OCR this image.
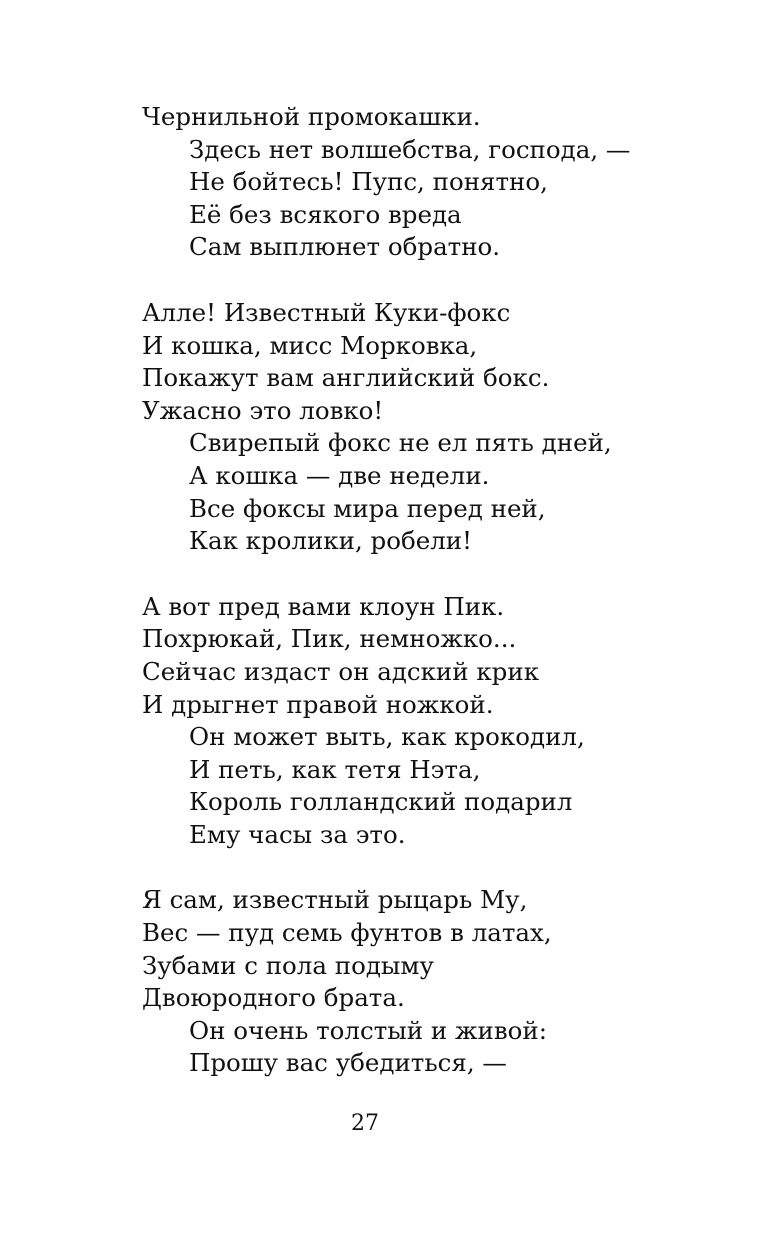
Чернильной промокашки.
Здесь нет волшебства, господа, —
Не бойтесь! Пупс, понятно,
Её без всякого вреда
Сам выплюнет обратно.
Алле! Известный Куки-фокс
И кошка, мисс Морковка,
Покажут вам английский бокс.
Ужасно это ловко!
Свирепый фокс не ел пять дней,
А кошка — две недели.
Все фоксы мира перед ней,
Как кролики, робели!
А вот пред вами клоун Пик.
Похрюкай, Пик, немножко...
Сейчас издаст он адский крик
И дрыгнет правой ножкой.
Он может выть, как крокодил,
И петь, как тетя Нэта,
Король голландский подарил
Ему часы за это.
Я сам, известный рыцарь Му,
Вес — пуд семь фунтов в латах,
Зубами с пола подыму
Двоюродного брата.
Он очень толстый и живой:
Прошу вас убедиться, —
27
